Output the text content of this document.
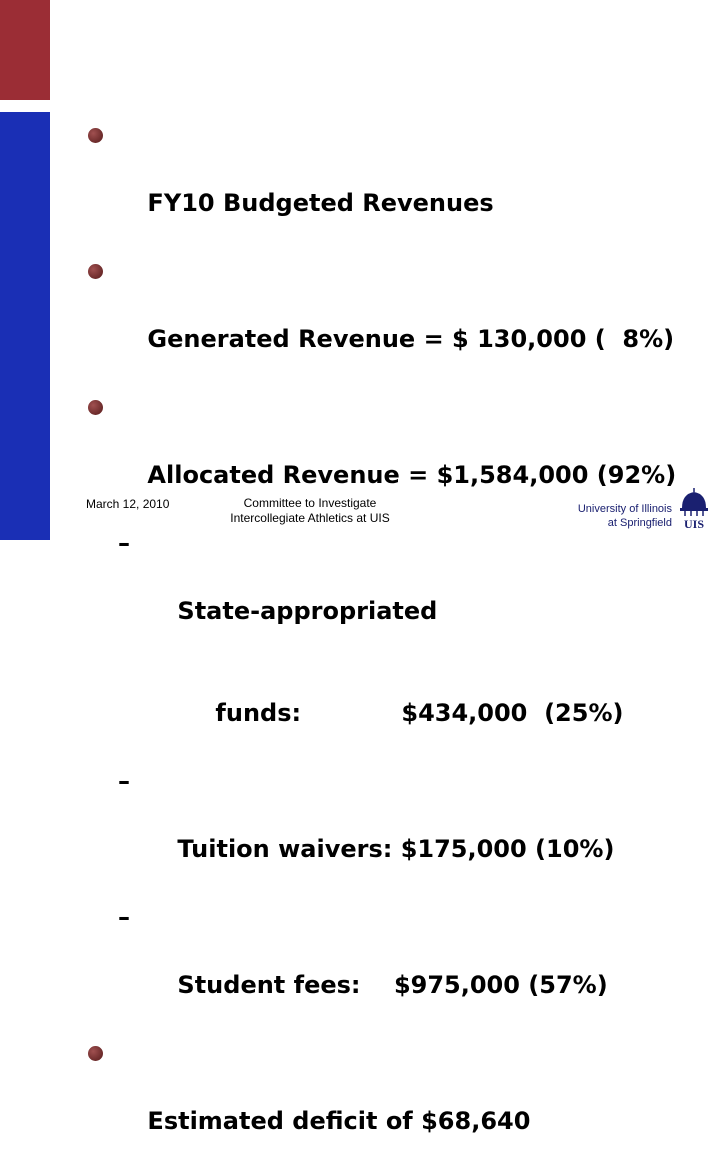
FY10 Budgeted Revenues

Generated Revenue = $ 130,000 (  8%)

Allocated Revenue = $1,584,000 (92%)

–

State-appropriated

funds:            $434,000  (25%)

–

Tuition waivers: $175,000 (10%)

–

Student fees:    $975,000 (57%)

Estimated deficit of $68,640

March 12, 2010	Committee to Investigate
Intercollegiate Athletics at UIS
University of Illinois
at Springfield UIS
